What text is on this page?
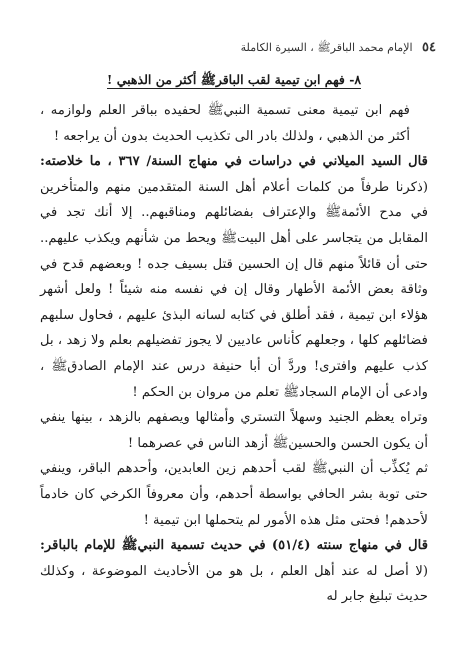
٥٤ الإمام محمد الباقرﷺ ، السيرة الكاملة
٨- فهم ابن تيمية لقب الباقرﷺ أكثر من الذهبي !

فهم ابن تيمية معنى تسمية النبيﷺ لحفيده بباقر العلم ولوازمه ، أكثر من الذهبي ، ولذلك بادر الى تكذيب الحديث بدون أن يراجعه !

قال السيد الميلاني في دراسات في منهاج السنة/ ٣٦٧ ، ما خلاصته: (ذكرنا طرفاً من كلمات أعلام أهل السنة المتقدمين منهم والمتأخرين في مدح الأئمةﷺ والإعتراف بفضائلهم ومناقبهم.. إلا أنك تجد في المقابل من يتجاسر على أهل البيتﷺ ويحط من شأنهم ويكذب عليهم.. حتى أن قائلاً منهم قال إن الحسين قتل بسيف جده ! وبعضهم قدح في وثاقة بعض الأئمة الأطهار وقال إن في نفسه منه شيئاً ! ولعل أشهر هؤلاء ابن تيمية ، فقد أطلق في كتابه لسانه البذئ عليهم ، فحاول سلبهم فضائلهم كلها ، وجعلهم كأناس عاديين لا يجوز تفضيلهم بعلم ولا زهد ، بل كذب عليهم وافترى! وردَّ أن أبا حنيفة درس عند الإمام الصادقﷺ ، وادعى أن الإمام السجادﷺ تعلم من مروان بن الحكم !

وتراه يعظم الجنيد وسهلاً التستري وأمثالها ويصفهم بالزهد ، بينها ينفي أن يكون الحسن والحسينﷺ أزهد الناس في عصرهما !

ثم يُكذِّب أن النبيﷺ لقب أحدهم زين العابدين، وأحدهم الباقر، وينفي حتى توبة بشر الحافي بواسطة أحدهم، وأن معروفاً الكرخي كان خادماً لأحدهم! فحتى مثل هذه الأمور لم يتحملها ابن تيمية !

قال في منهاج سنته (٥١/٤) في حديث تسمية النبيﷺ للإمام بالباقر: (لا أصل له عند أهل العلم ، بل هو من الأحاديث الموضوعة ، وكذلك حديث تبليغ جابر له
